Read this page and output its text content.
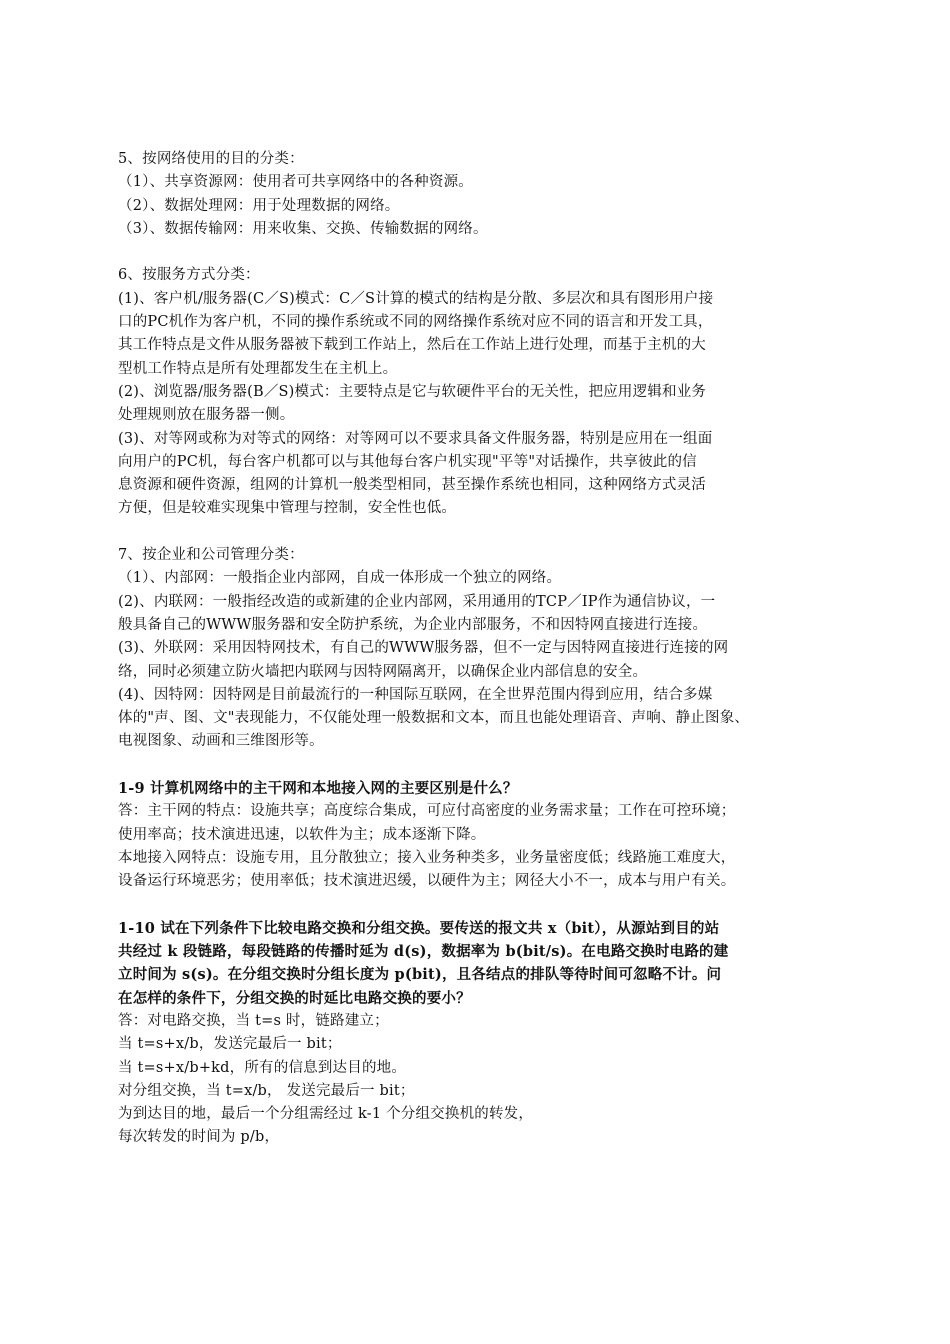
5、按网络使用的目的分类：
（1）、共享资源网：使用者可共享网络中的各种资源。
（2）、数据处理网：用于处理数据的网络。
（3）、数据传输网：用来收集、交换、传输数据的网络。
6、按服务方式分类：
(1)、客户机/服务器(C／S)模式：C／S计算的模式的结构是分散、多层次和具有图形用户接
口的PC机作为客户机，不同的操作系统或不同的网络操作系统对应不同的语言和开发工具，
其工作特点是文件从服务器被下载到工作站上，然后在工作站上进行处理，而基于主机的大
型机工作特点是所有处理都发生在主机上。
(2)、浏览器/服务器(B／S)模式：主要特点是它与软硬件平台的无关性，把应用逻辑和业务
处理规则放在服务器一侧。
(3)、对等网或称为对等式的网络：对等网可以不要求具备文件服务器，特别是应用在一组面
向用户的PC机，每台客户机都可以与其他每台客户机实现"平等"对话操作，共享彼此的信
息资源和硬件资源，组网的计算机一般类型相同，甚至操作系统也相同，这种网络方式灵活
方便，但是较难实现集中管理与控制，安全性也低。
7、按企业和公司管理分类：
（1）、内部网：一般指企业内部网，自成一体形成一个独立的网络。
(2)、内联网：一般指经改造的或新建的企业内部网，采用通用的TCP／IP作为通信协议，一
般具备自己的WWW服务器和安全防护系统，为企业内部服务，不和因特网直接进行连接。
(3)、外联网：采用因特网技术，有自己的WWW服务器，但不一定与因特网直接进行连接的网
络，同时必须建立防火墙把内联网与因特网隔离开，以确保企业内部信息的安全。
(4)、因特网：因特网是目前最流行的一种国际互联网，在全世界范围内得到应用，结合多媒
体的"声、图、文"表现能力，不仅能处理一般数据和文本，而且也能处理语音、声响、静止图象、
电视图象、动画和三维图形等。
1-9 计算机网络中的主干网和本地接入网的主要区别是什么？
答：主干网的特点：设施共享；高度综合集成，可应付高密度的业务需求量；工作在可控环境；
使用率高；技术演进迅速，以软件为主；成本逐渐下降。
本地接入网特点：设施专用，且分散独立；接入业务种类多，业务量密度低；线路施工难度大，
设备运行环境恶劣；使用率低；技术演进迟缓，以硬件为主；网径大小不一，成本与用户有关。
1-10 试在下列条件下比较电路交换和分组交换。要传送的报文共 x（bit），从源站到目的站
共经过 k 段链路，每段链路的传播时延为 d(s)，数据率为 b(bit/s)。在电路交换时电路的建
立时间为 s(s)。在分组交换时分组长度为 p(bit)，且各结点的排队等待时间可忽略不计。问
在怎样的条件下，分组交换的时延比电路交换的要小？
答：对电路交换，当 t=s 时，链路建立；
当 t=s+x/b，发送完最后一 bit；
当 t=s+x/b+kd，所有的信息到达目的地。
对分组交换，当 t=x/b， 发送完最后一 bit；
为到达目的地，最后一个分组需经过 k-1 个分组交换机的转发，
每次转发的时间为 p/b，
